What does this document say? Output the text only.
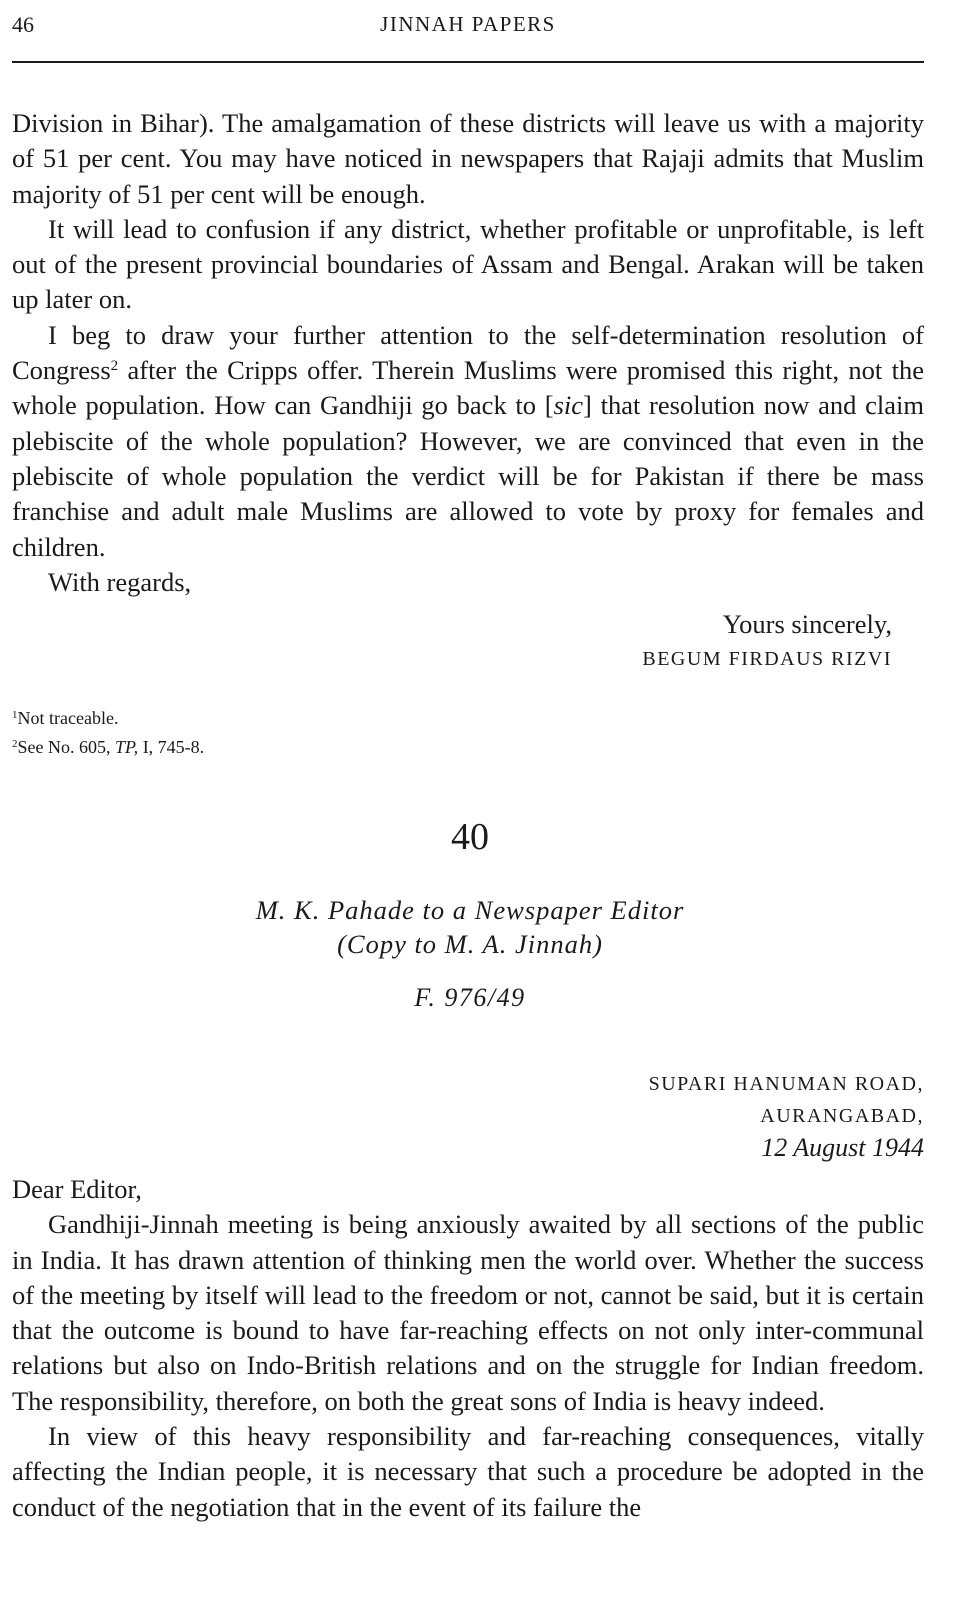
46	JINNAH PAPERS

Division in Bihar). The amalgamation of these districts will leave us with a majority of 51 per cent. You may have noticed in newspapers that Rajaji admits that Muslim majority of 51 per cent will be enough.

It will lead to confusion if any district, whether profitable or unprofitable, is left out of the present provincial boundaries of Assam and Bengal. Arakan will be taken up later on.

I beg to draw your further attention to the self-determination resolution of Congress$^2$ after the Cripps offer. Therein Muslims were promised this right, not the whole population. How can Gandhiji go back to [sic] that resolution now and claim plebiscite of the whole population? However, we are convinced that even in the plebiscite of whole population the verdict will be for Pakistan if there be mass franchise and adult male Muslims are allowed to vote by proxy for females and children.

With regards,

Yours sincerely,
BEGUM FIRDAUS RIZVI
$^1$Not traceable.
$^2$See No. 605, TP, I, 745-8.
40
M. K. Pahade to a Newspaper Editor
(Copy to M. A. Jinnah)
F. 976/49
SUPARI HANUMAN ROAD,
AURANGABAD,
12 August 1944

Dear Editor,

Gandhiji-Jinnah meeting is being anxiously awaited by all sections of the public in India. It has drawn attention of thinking men the world over. Whether the success of the meeting by itself will lead to the freedom or not, cannot be said, but it is certain that the outcome is bound to have far-reaching effects on not only inter-communal relations but also on Indo-British relations and on the struggle for Indian freedom. The responsibility, therefore, on both the great sons of India is heavy indeed.

In view of this heavy responsibility and far-reaching consequences, vitally affecting the Indian people, it is necessary that such a procedure be adopted in the conduct of the negotiation that in the event of its failure the
